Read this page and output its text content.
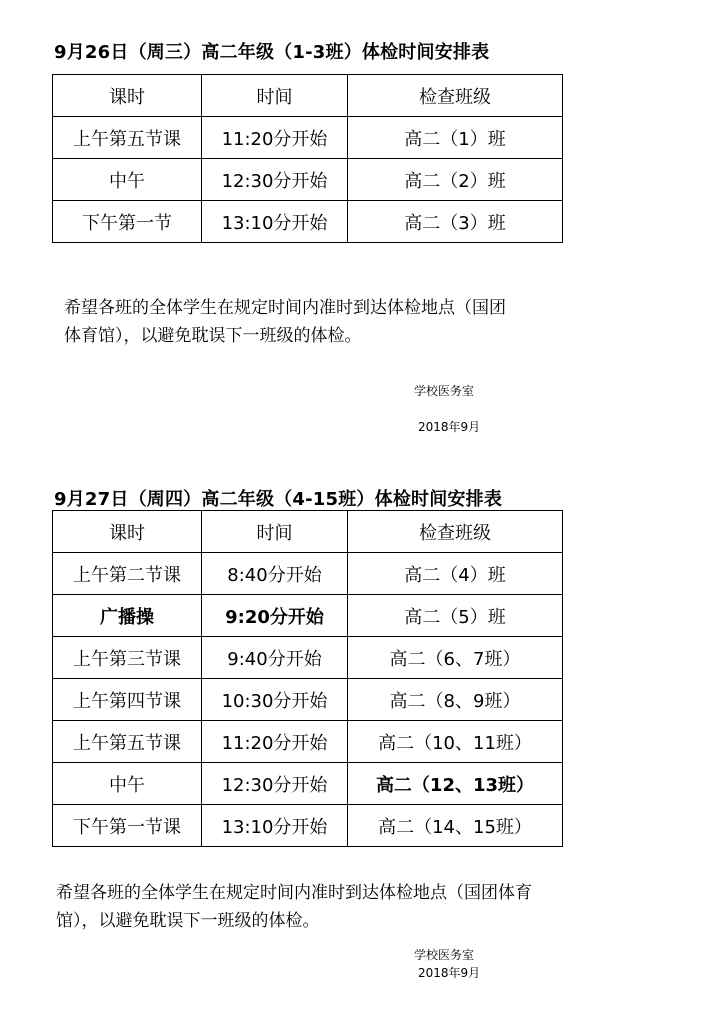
9月26日（周三）高二年级（1-3班）体检时间安排表
课时	时间	检查班级
上午第五节课	11:20分开始	高二（1）班
中午	12:30分开始	高二（2）班
下午第一节	13:10分开始	高二（3）班
希望各班的全体学生在规定时间内准时到达体检地点（国团
体育馆），以避免耽误下一班级的体检。
学校医务室
2018年9月
9月27日（周四）高二年级（4-15班）体检时间安排表
课时	时间	检查班级
上午第二节课	8:40分开始	高二（4）班
广播操	9:20分开始	高二（5）班
上午第三节课	9:40分开始	高二（6、7班）
上午第四节课	10:30分开始	高二（8、9班）
上午第五节课	11:20分开始	高二（10、11班）
中午	12:30分开始	高二（12、13班）
下午第一节课	13:10分开始	高二（14、15班）
希望各班的全体学生在规定时间内准时到达体检地点（国团体育
馆），以避免耽误下一班级的体检。
学校医务室
2018年9月
